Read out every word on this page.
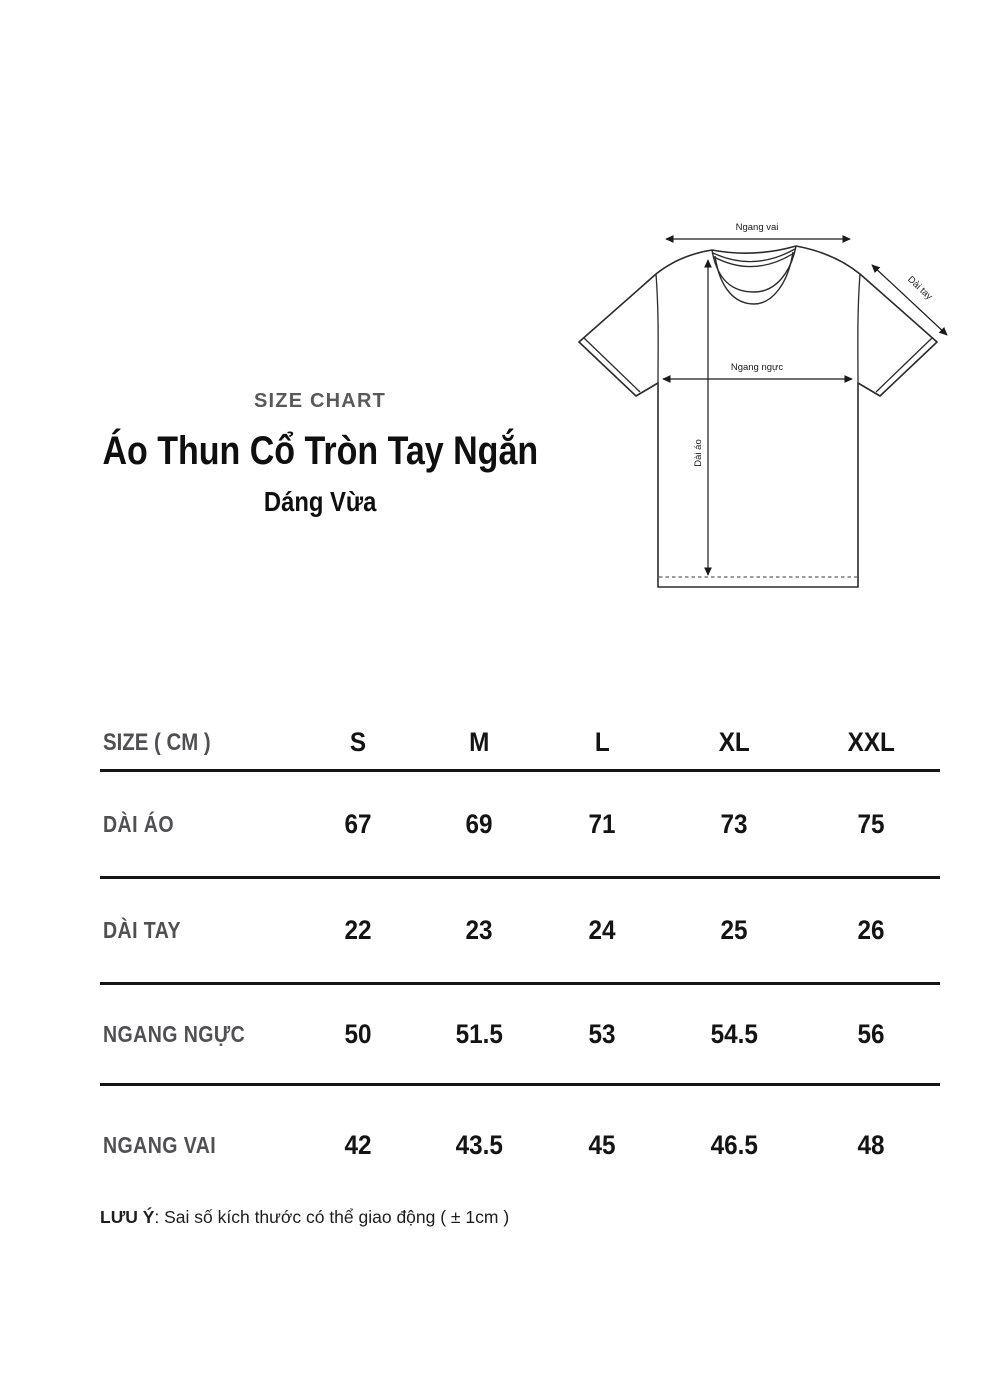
SIZE CHART
Áo Thun Cổ Tròn Tay Ngắn
Dáng Vừa
Ngang vai
Dài tay
Ngang ngực
Dài áo
SIZE ( CM )	S	M	L	XL	XXL
DÀI ÁO	67	69	71	73	75
DÀI TAY	22	23	24	25	26
NGANG NGỰC	50	51.5	53	54.5	56
NGANG VAI	42	43.5	45	46.5	48
LƯU Ý: Sai số kích thước có thể giao động ( ± 1cm )
